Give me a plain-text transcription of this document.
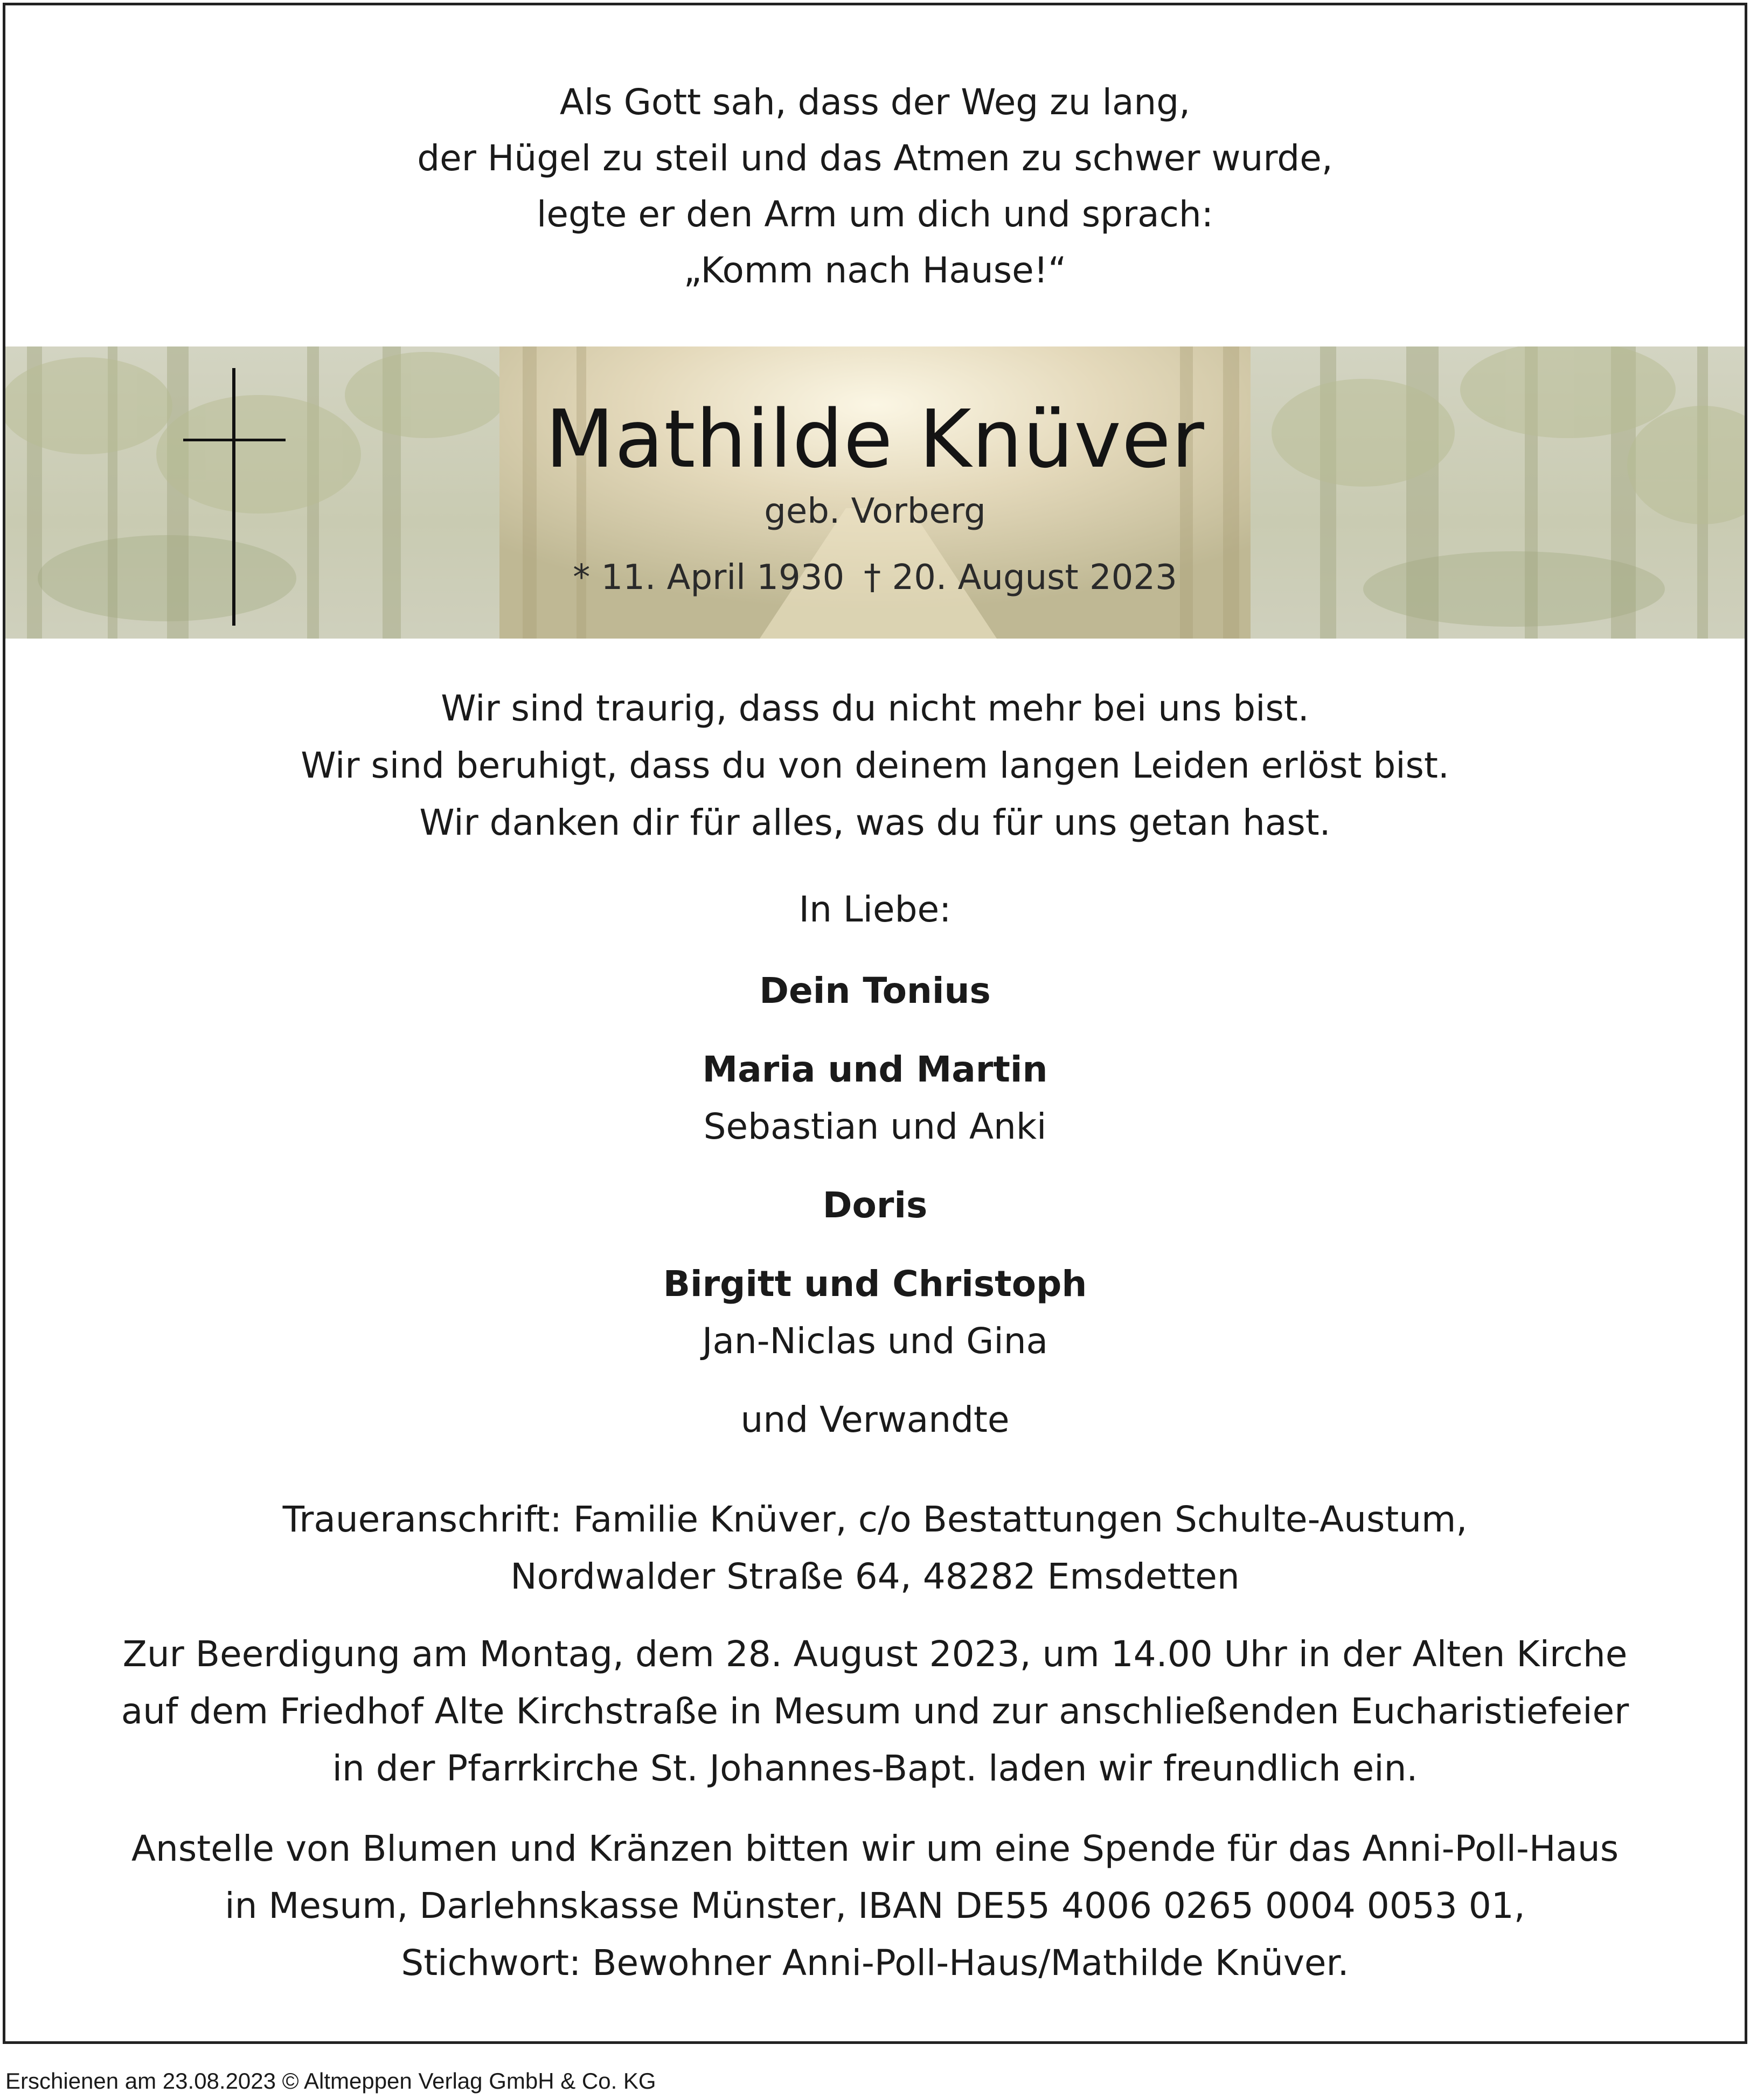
Als Gott sah, dass der Weg zu lang,
der Hügel zu steil und das Atmen zu schwer wurde,
legte er den Arm um dich und sprach:
„Komm nach Hause!“
Mathilde Knüver
geb. Vorberg
* 11. April 1930 † 20. August 2023
Wir sind traurig, dass du nicht mehr bei uns bist.
Wir sind beruhigt, dass du von deinem langen Leiden erlöst bist.
Wir danken dir für alles, was du für uns getan hast.
In Liebe:
Dein Tonius
Maria und Martin
Sebastian und Anki
Doris
Birgitt und Christoph
Jan-Niclas und Gina
und Verwandte
Traueranschrift: Familie Knüver, c/o Bestattungen Schulte-Austum,
Nordwalder Straße 64, 48282 Emsdetten
Zur Beerdigung am Montag, dem 28. August 2023, um 14.00 Uhr in der Alten Kirche
auf dem Friedhof Alte Kirchstraße in Mesum und zur anschließenden Eucharistiefeier
in der Pfarrkirche St. Johannes-Bapt. laden wir freundlich ein.
Anstelle von Blumen und Kränzen bitten wir um eine Spende für das Anni-Poll-Haus
in Mesum, Darlehnskasse Münster, IBAN DE55 4006 0265 0004 0053 01,
Stichwort: Bewohner Anni-Poll-Haus/Mathilde Knüver.
Erschienen am 23.08.2023 © Altmeppen Verlag GmbH & Co. KG
